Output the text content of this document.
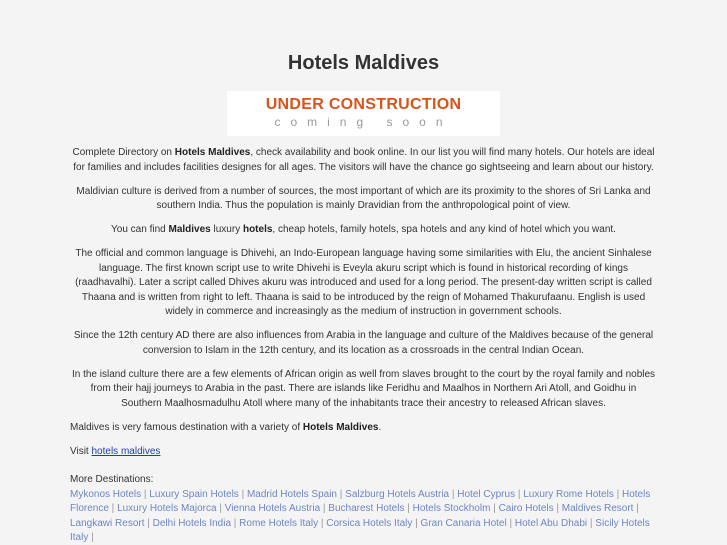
Hotels Maldives
UNDER CONSTRUCTION
coming soon

Complete Directory on Hotels Maldives, check availability and book online. In our list you will find many hotels. Our hotels are ideal for families and includes facilities designes for all ages. The visitors will have the chance go sightseeing and learn about our history.

Maldivian culture is derived from a number of sources, the most important of which are its proximity to the shores of Sri Lanka and southern India. Thus the population is mainly Dravidian from the anthropological point of view.

You can find Maldives luxury hotels, cheap hotels, family hotels, spa hotels and any kind of hotel which you want.

The official and common language is Dhivehi, an Indo-European language having some similarities with Elu, the ancient Sinhalese language. The first known script use to write Dhivehi is Eveyla akuru script which is found in historical recording of kings (raadhavalhi). Later a script called Dhives akuru was introduced and used for a long period. The present-day written script is called Thaana and is written from right to left. Thaana is said to be introduced by the reign of Mohamed Thakurufaanu. English is used widely in commerce and increasingly as the medium of instruction in government schools.

Since the 12th century AD there are also influences from Arabia in the language and culture of the Maldives because of the general conversion to Islam in the 12th century, and its location as a crossroads in the central Indian Ocean.

In the island culture there are a few elements of African origin as well from slaves brought to the court by the royal family and nobles from their hajj journeys to Arabia in the past. There are islands like Feridhu and Maalhos in Northern Ari Atoll, and Goidhu in Southern Maalhosmadulhu Atoll where many of the inhabitants trace their ancestry to released African slaves.

Maldives is very famous destination with a variety of Hotels Maldives.

Visit hotels maldives

More Destinations:
Mykonos Hotels | Luxury Spain Hotels | Madrid Hotels Spain | Salzburg Hotels Austria | Hotel Cyprus | Luxury Rome Hotels | Hotels Florence | Luxury Hotels Majorca | Vienna Hotels Austria | Bucharest Hotels | Hotels Stockholm | Cairo Hotels | Maldives Resort | Langkawi Resort | Delhi Hotels India | Rome Hotels Italy | Corsica Hotels Italy | Gran Canaria Hotel | Hotel Abu Dhabi | Sicily Hotels Italy |
